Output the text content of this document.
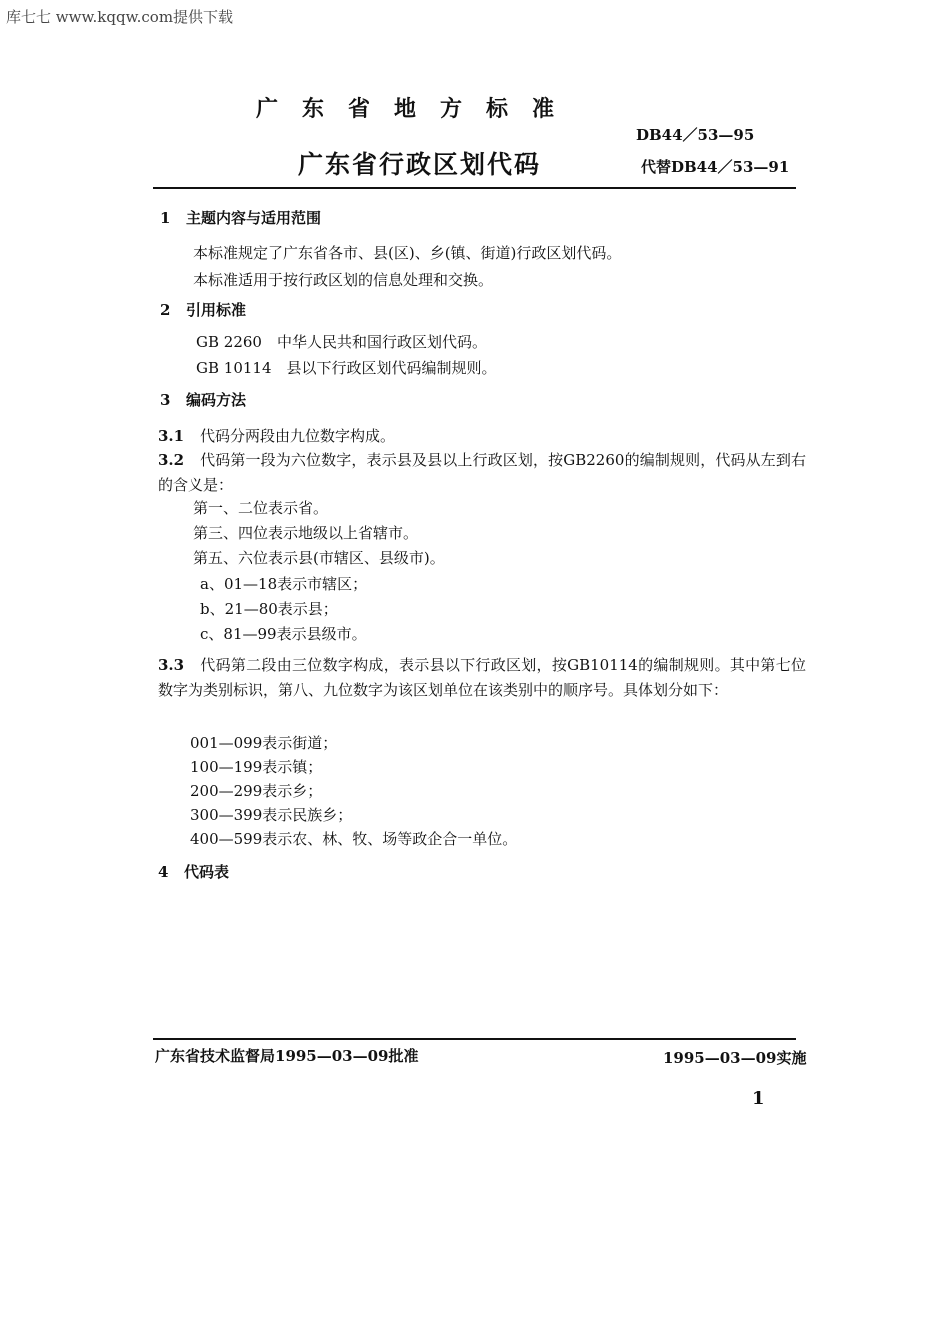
库七七 www.kqqw.com提供下载
广东省地方标准
DB44／53—95
广东省行政区划代码	代替DB44／53—91
1 主题内容与适用范围
本标准规定了广东省各市、县(区)、乡(镇、街道)行政区划代码。
本标准适用于按行政区划的信息处理和交换。
2 引用标准
GB 2260　中华人民共和国行政区划代码。
GB 10114　县以下行政区划代码编制规则。
3 编码方法
3.1 代码分两段由九位数字构成。
3.2 代码第一段为六位数字，表示县及县以上行政区划，按GB2260的编制规则，代码从左到右的含义是：
第一、二位表示省。
第三、四位表示地级以上省辖市。
第五、六位表示县(市辖区、县级市)。
a、01—18表示市辖区；
b、21—80表示县；
c、81—99表示县级市。
3.3 代码第二段由三位数字构成，表示县以下行政区划，按GB10114的编制规则。其中第七位数字为类别标识，第八、九位数字为该区划单位在该类别中的顺序号。具体划分如下：
001—099表示街道；
100—199表示镇；
200—299表示乡；
300—399表示民族乡；
400—599表示农、林、牧、场等政企合一单位。
4 代码表
广东省技术监督局1995—03—09批准	1995—03—09实施
1
